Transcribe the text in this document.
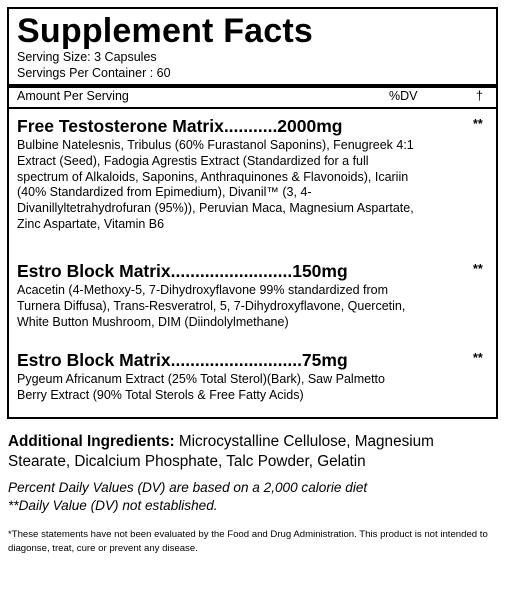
Supplement Facts
Serving Size: 3 Capsules
Servings Per Container : 60
Amount Per Serving	%DV	†
Free Testosterone Matrix...........2000mg	**
Bulbine Natelesnis, Tribulus (60% Furastanol Saponins), Fenugreek 4:1 Extract (Seed), Fadogia Agrestis Extract (Standardized for a full spectrum of Alkaloids, Saponins, Anthraquinones & Flavonoids), Icariin (40% Standardized from Epimedium), Divanil™ (3, 4-Divanillyltetrahydrofuran (95%)), Peruvian Maca, Magnesium Aspartate, Zinc Aspartate, Vitamin B6
Estro Block Matrix.........................150mg	**
Acacetin (4-Methoxy-5, 7-Dihydroxyflavone 99% standardized from Turnera Diffusa), Trans-Resveratrol, 5, 7-Dihydroxyflavone, Quercetin, White Button Mushroom, DIM (Diindolylmethane)
Estro Block Matrix...........................75mg	**
Pygeum Africanum Extract (25% Total Sterol)(Bark), Saw Palmetto Berry Extract (90% Total Sterols & Free Fatty Acids)
Additional Ingredients: Microcystalline Cellulose, Magnesium Stearate, Dicalcium Phosphate, Talc Powder, Gelatin
Percent Daily Values (DV) are based on a 2,000 calorie diet
**Daily Value (DV) not established.
*These statements have not been evaluated by the Food and Drug Administration. This product is not intended to diagonse, treat, cure or prevent any disease.
